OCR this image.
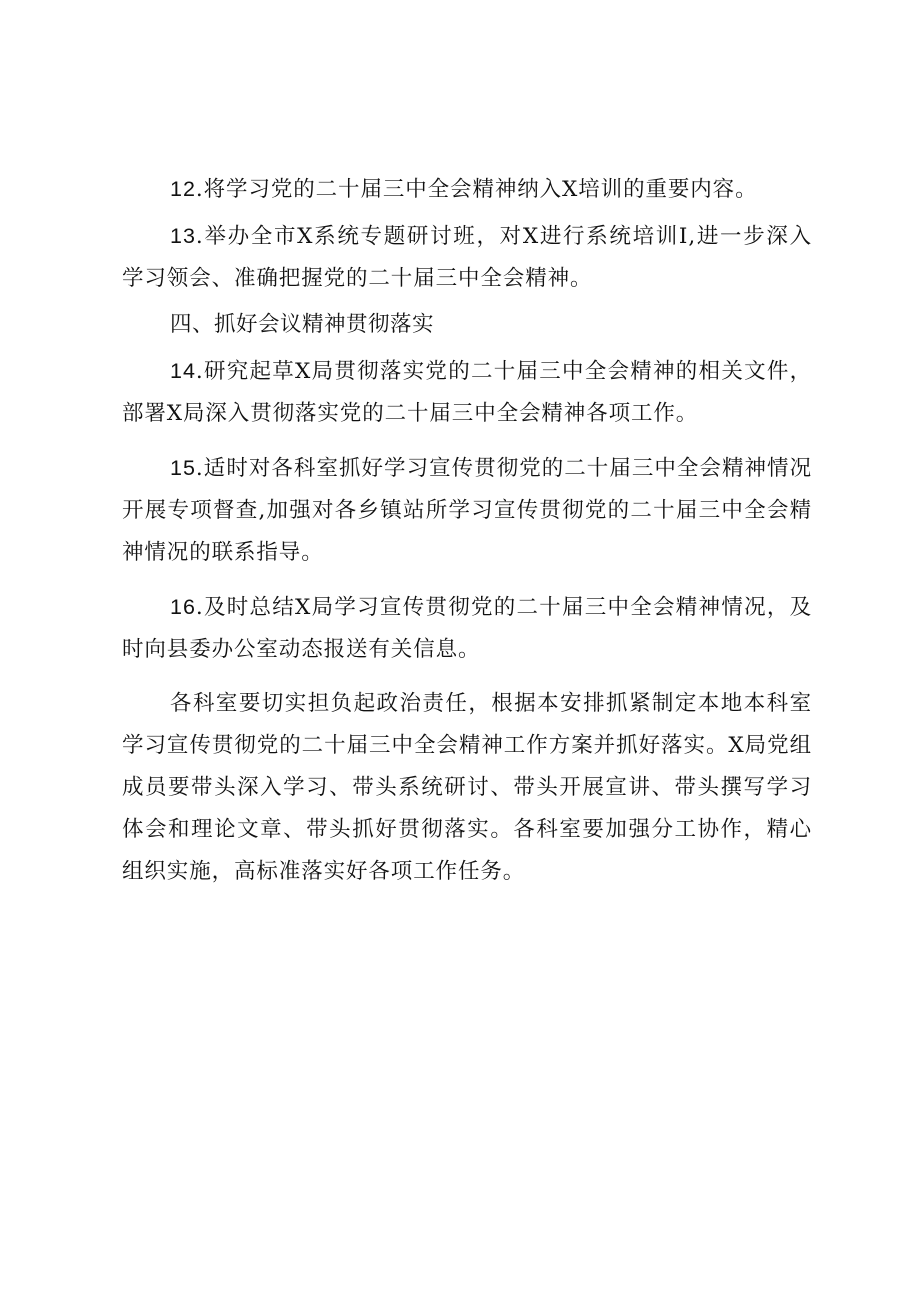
12.将学习党的二十届三中全会精神纳入X培训的重要内容。

13.举办全市X系统专题研讨班，对X进行系统培训I,进一步深入学习领会、准确把握党的二十届三中全会精神。

四、抓好会议精神贯彻落实

14.研究起草X局贯彻落实党的二十届三中全会精神的相关文件，部署X局深入贯彻落实党的二十届三中全会精神各项工作。

15.适时对各科室抓好学习宣传贯彻党的二十届三中全会精神情况开展专项督查,加强对各乡镇站所学习宣传贯彻党的二十届三中全会精神情况的联系指导。

16.及时总结X局学习宣传贯彻党的二十届三中全会精神情况，及时向县委办公室动态报送有关信息。

各科室要切实担负起政治责任，根据本安排抓紧制定本地本科室学习宣传贯彻党的二十届三中全会精神工作方案并抓好落实。X局党组成员要带头深入学习、带头系统研讨、带头开展宣讲、带头撰写学习体会和理论文章、带头抓好贯彻落实。各科室要加强分工协作，精心组织实施，高标准落实好各项工作任务。
